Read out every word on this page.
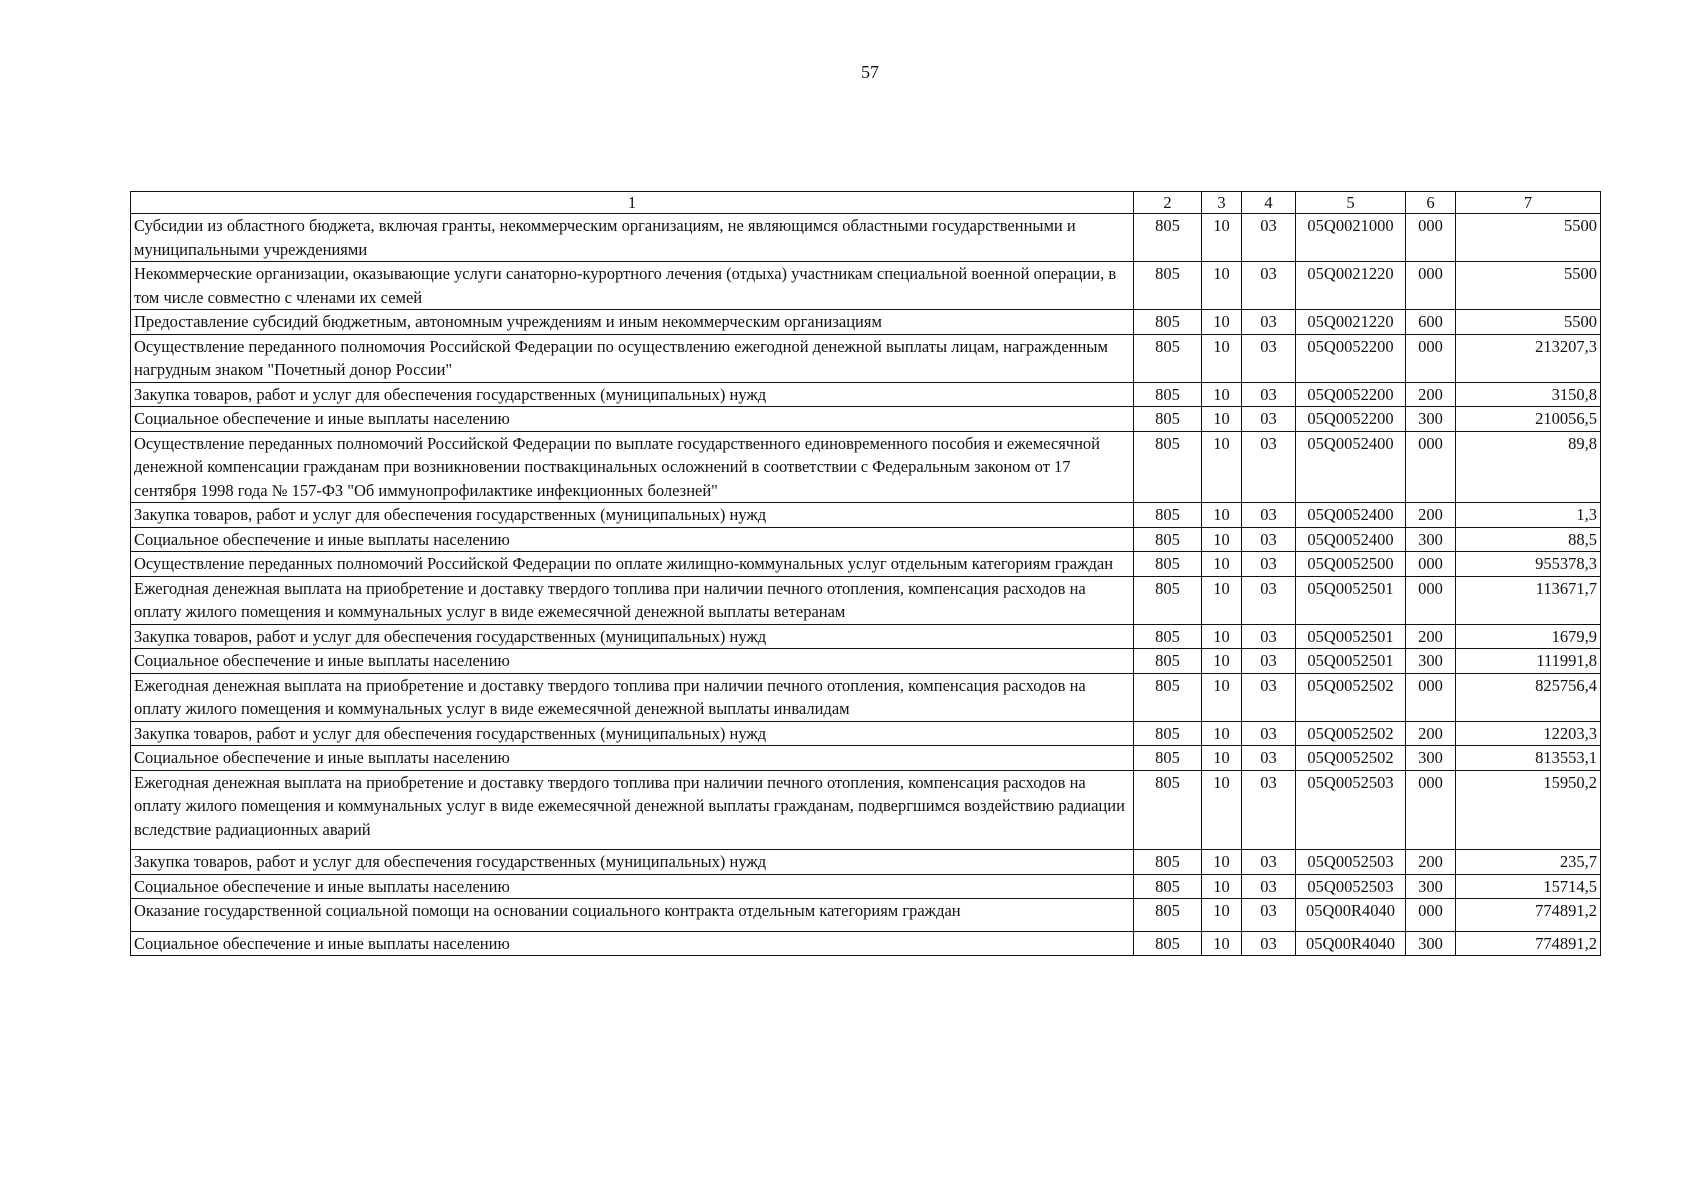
57
1	2	3	4	5	6	7
Субсидии из областного бюджета, включая гранты, некоммерческим организациям, не являющимся областными государственными и муниципальными учреждениями	805	10	03	05Q0021000	000	5500
Некоммерческие организации, оказывающие услуги санаторно-курортного лечения (отдыха) участникам специальной военной операции, в том числе совместно с членами их семей	805	10	03	05Q0021220	000	5500
Предоставление субсидий бюджетным, автономным учреждениям и иным некоммерческим организациям	805	10	03	05Q0021220	600	5500
Осуществление переданного полномочия Российской Федерации по осуществлению ежегодной денежной выплаты лицам, награжденным нагрудным знаком "Почетный донор России"	805	10	03	05Q0052200	000	213207,3
Закупка товаров, работ и услуг для обеспечения государственных (муниципальных) нужд	805	10	03	05Q0052200	200	3150,8
Социальное обеспечение и иные выплаты населению	805	10	03	05Q0052200	300	210056,5
Осуществление переданных полномочий Российской Федерации по выплате государственного единовременного пособия и ежемесячной денежной компенсации гражданам при возникновении поствакцинальных осложнений в соответствии с Федеральным законом от 17 сентября 1998 года № 157-ФЗ "Об иммунопрофилактике инфекционных болезней"	805	10	03	05Q0052400	000	89,8
Закупка товаров, работ и услуг для обеспечения государственных (муниципальных) нужд	805	10	03	05Q0052400	200	1,3
Социальное обеспечение и иные выплаты населению	805	10	03	05Q0052400	300	88,5
Осуществление переданных полномочий Российской Федерации по оплате жилищно-коммунальных услуг отдельным категориям граждан	805	10	03	05Q0052500	000	955378,3
Ежегодная денежная выплата на приобретение и доставку твердого топлива при наличии печного отопления, компенсация расходов на оплату жилого помещения и коммунальных услуг в виде ежемесячной денежной выплаты ветеранам	805	10	03	05Q0052501	000	113671,7
Закупка товаров, работ и услуг для обеспечения государственных (муниципальных) нужд	805	10	03	05Q0052501	200	1679,9
Социальное обеспечение и иные выплаты населению	805	10	03	05Q0052501	300	111991,8
Ежегодная денежная выплата на приобретение и доставку твердого топлива при наличии печного отопления, компенсация расходов на оплату жилого помещения и коммунальных услуг в виде ежемесячной денежной выплаты инвалидам	805	10	03	05Q0052502	000	825756,4
Закупка товаров, работ и услуг для обеспечения государственных (муниципальных) нужд	805	10	03	05Q0052502	200	12203,3
Социальное обеспечение и иные выплаты населению	805	10	03	05Q0052502	300	813553,1
Ежегодная денежная выплата на приобретение и доставку твердого топлива при наличии печного отопления, компенсация расходов на оплату жилого помещения и коммунальных услуг в виде ежемесячной денежной выплаты гражданам, подвергшимся воздействию радиации вследствие радиационных аварий	805	10	03	05Q0052503	000	15950,2
Закупка товаров, работ и услуг для обеспечения государственных (муниципальных) нужд	805	10	03	05Q0052503	200	235,7
Социальное обеспечение и иные выплаты населению	805	10	03	05Q0052503	300	15714,5
Оказание государственной социальной помощи на основании социального контракта отдельным категориям граждан	805	10	03	05Q00R4040	000	774891,2
Социальное обеспечение и иные выплаты населению	805	10	03	05Q00R4040	300	774891,2
